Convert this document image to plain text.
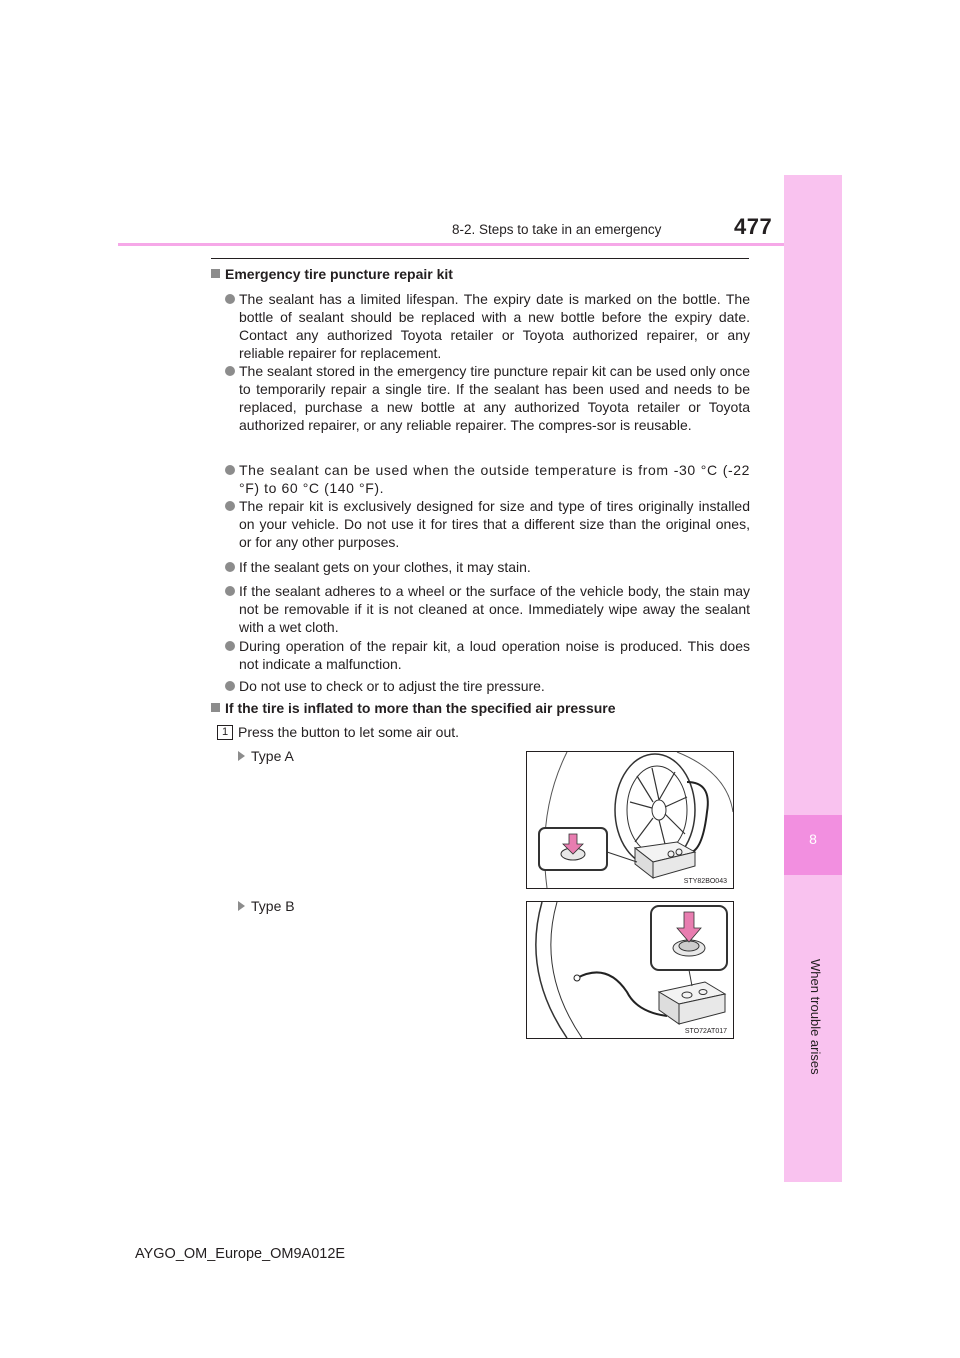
8
When trouble arises
8-2. Steps to take in an emergency	477
Emergency tire puncture repair kit
The sealant has a limited lifespan. The expiry date is marked on the bottle. The bottle of sealant should be replaced with a new bottle before the expiry date. Contact any authorized Toyota retailer or Toyota authorized repairer, or any reliable repairer for replacement.
The sealant stored in the emergency tire puncture repair kit can be used only once to temporarily repair a single tire. If the sealant has been used and needs to be replaced, purchase a new bottle at any authorized Toyota retailer or Toyota authorized repairer, or any reliable repairer. The compres-sor is reusable.
The sealant can be used when the outside temperature is from -30 °C (-22 °F) to 60 °C (140 °F).
The repair kit is exclusively designed for size and type of tires originally installed on your vehicle. Do not use it for tires that a different size than the original ones, or for any other purposes.
If the sealant gets on your clothes, it may stain.
If the sealant adheres to a wheel or the surface of the vehicle body, the stain may not be removable if it is not cleaned at once. Immediately wipe away the sealant with a wet cloth.
During operation of the repair kit, a loud operation noise is produced. This does not indicate a malfunction.
Do not use to check or to adjust the tire pressure.
If the tire is inflated to more than the specified air pressure
1 Press the button to let some air out.
Type A
STY82BO043
Type B
STO72AT017
AYGO_OM_Europe_OM9A012E
